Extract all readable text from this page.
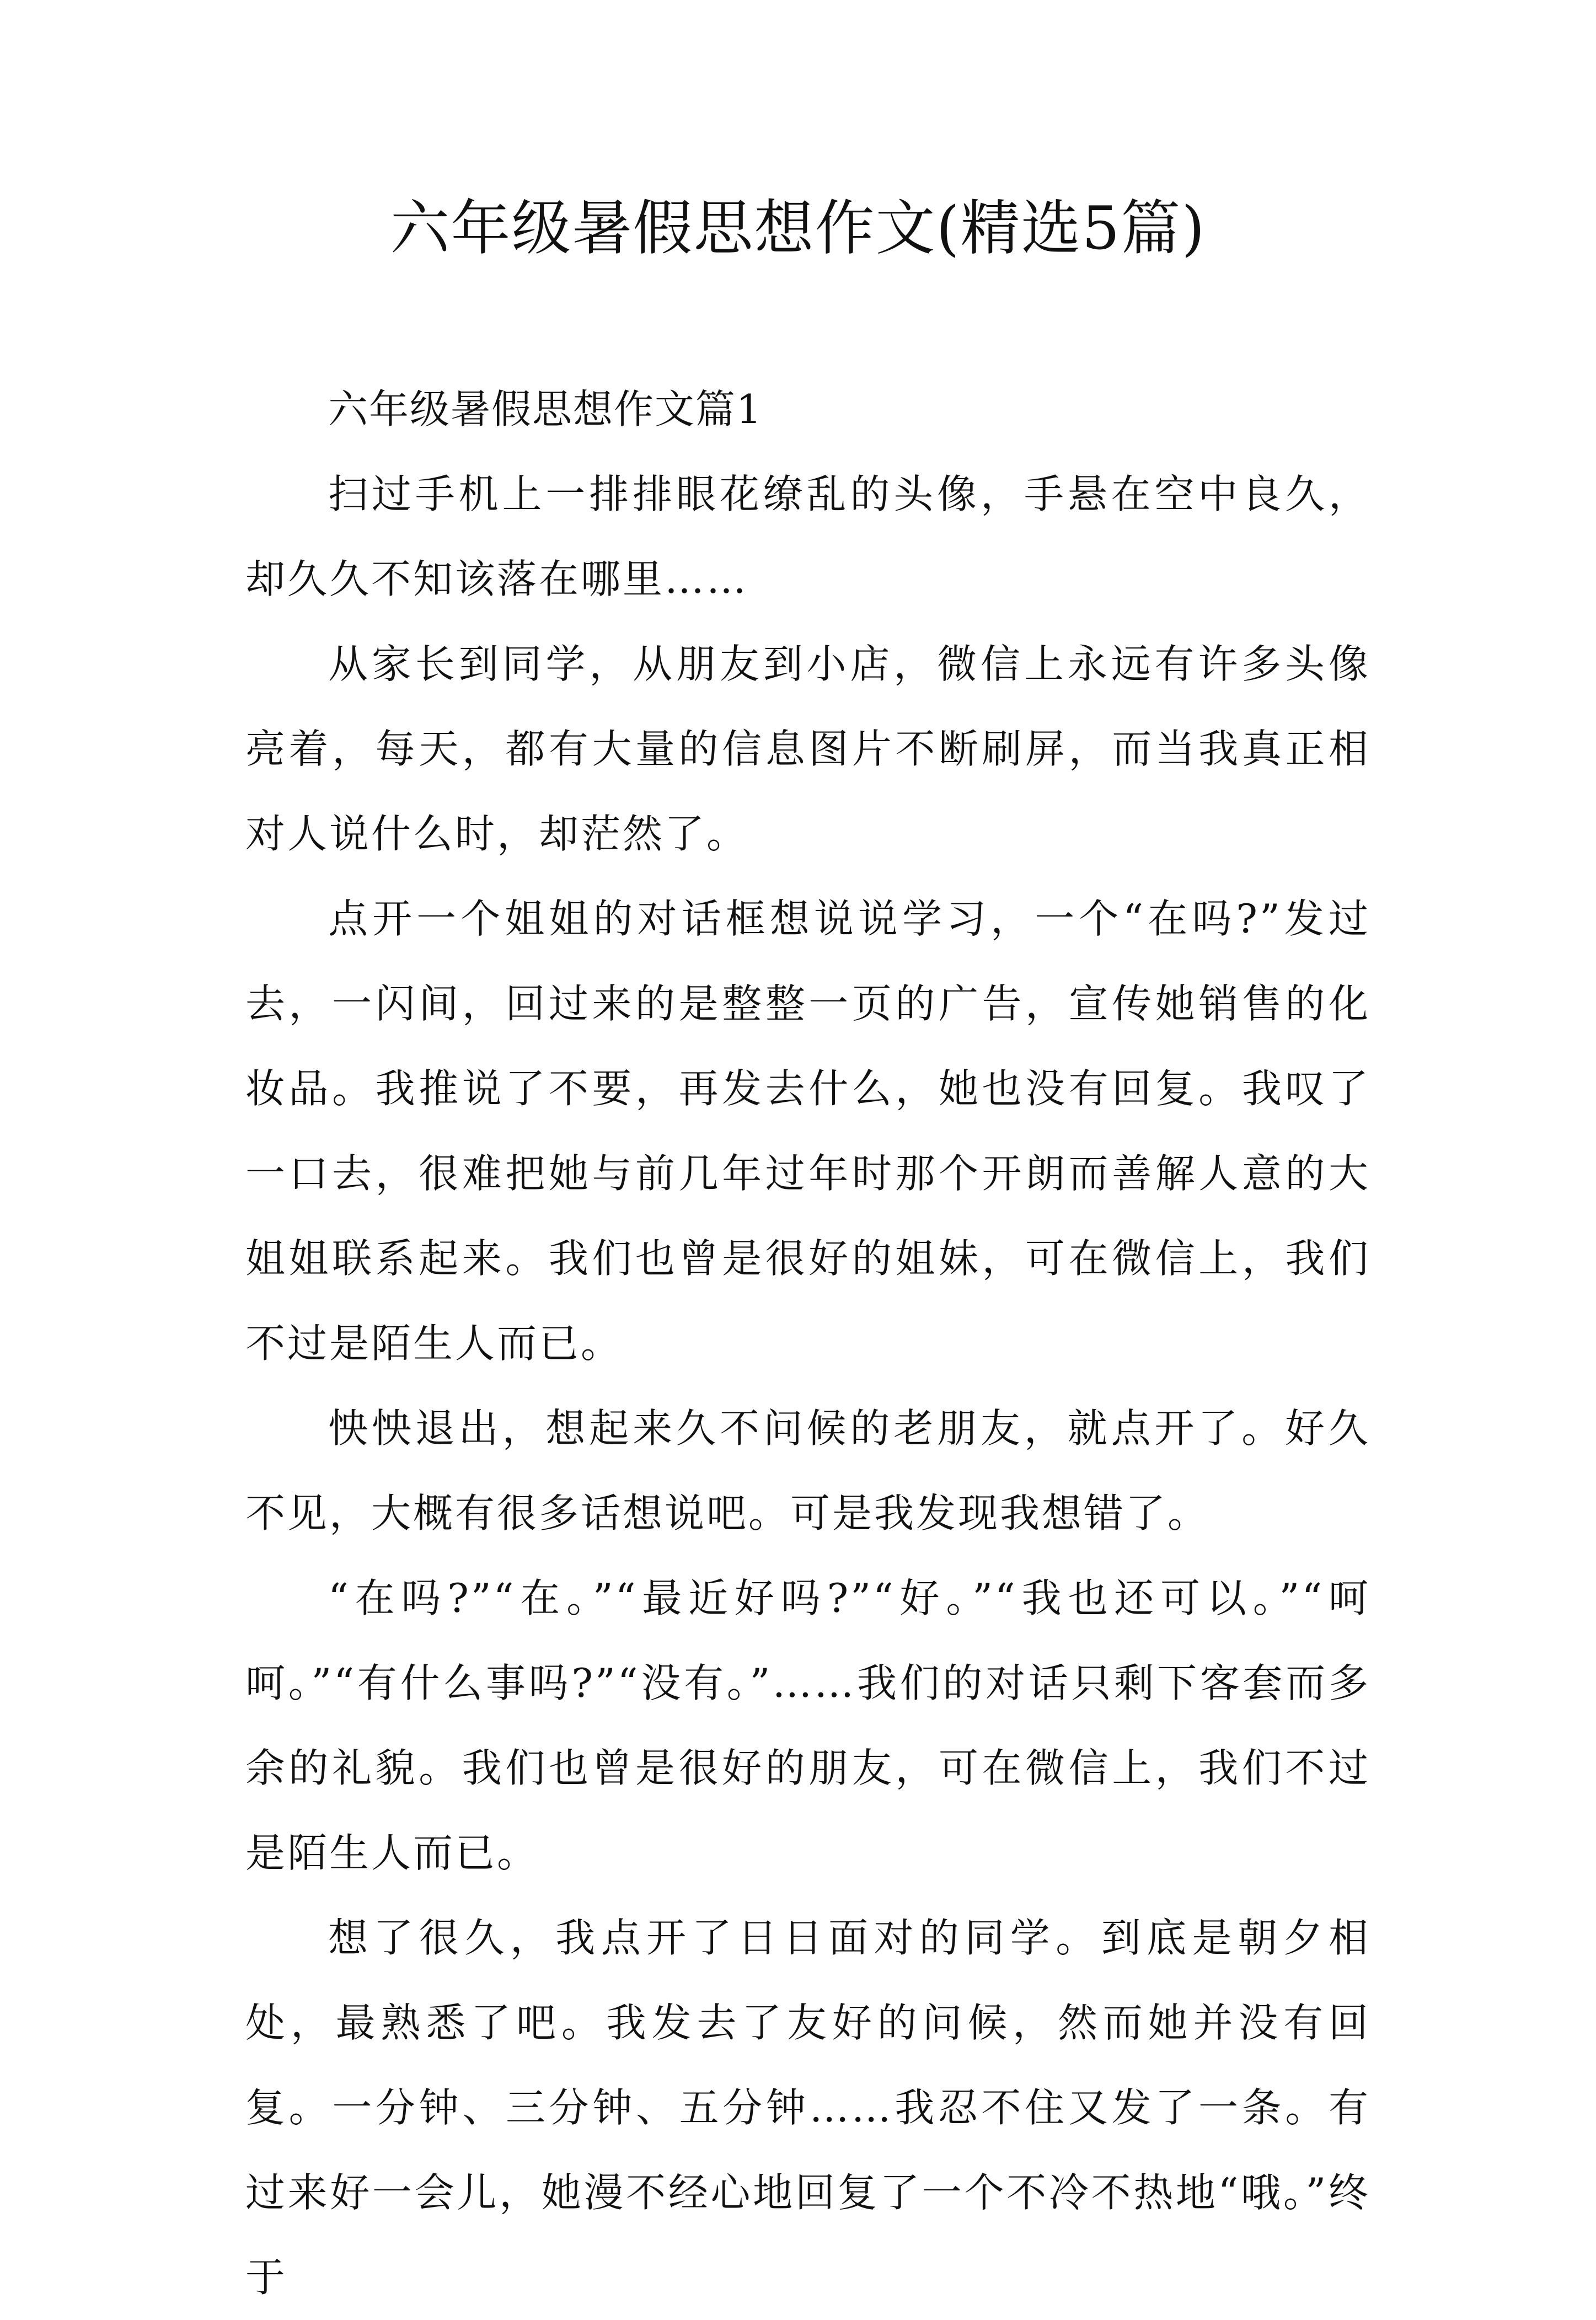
六年级暑假思想作文(精选5篇)

六年级暑假思想作文篇1

扫过手机上一排排眼花缭乱的头像，手悬在空中良久，却久久不知该落在哪里……

从家长到同学，从朋友到小店，微信上永远有许多头像亮着，每天，都有大量的信息图片不断刷屏，而当我真正相对人说什么时，却茫然了。

点开一个姐姐的对话框想说说学习，一个“在吗?”发过去，一闪间，回过来的是整整一页的广告，宣传她销售的化妆品。我推说了不要，再发去什么，她也没有回复。我叹了一口去，很难把她与前几年过年时那个开朗而善解人意的大姐姐联系起来。我们也曾是很好的姐妹，可在微信上，我们不过是陌生人而已。

怏怏退出，想起来久不问候的老朋友，就点开了。好久不见，大概有很多话想说吧。可是我发现我想错了。

“在吗?”“在。”“最近好吗?”“好。”“我也还可以。”“呵呵。”“有什么事吗?”“没有。”……我们的对话只剩下客套而多余的礼貌。我们也曾是很好的朋友，可在微信上，我们不过是陌生人而已。

想了很久，我点开了日日面对的同学。到底是朝夕相处，最熟悉了吧。我发去了友好的问候，然而她并没有回复。一分钟、三分钟、五分钟……我忍不住又发了一条。有过来好一会儿，她漫不经心地回复了一个不冷不热地“哦。”终于
